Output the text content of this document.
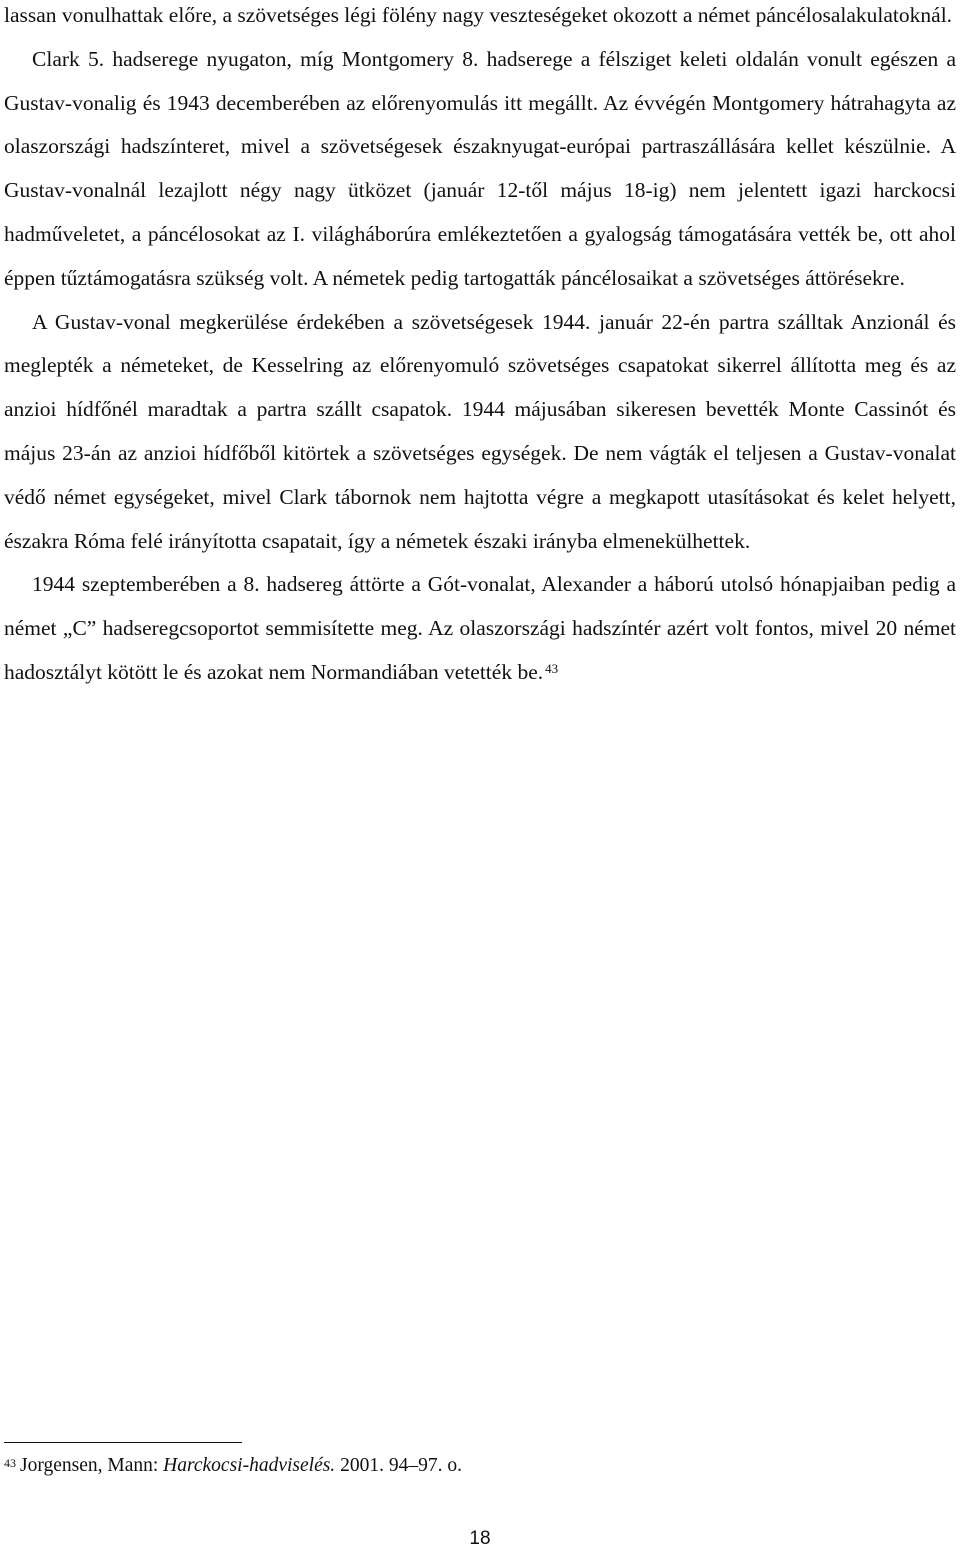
lassan vonulhattak előre, a szövetséges légi fölény nagy veszteségeket okozott a német páncélosalakulatoknál.

Clark 5. hadserege nyugaton, míg Montgomery 8. hadserege a félsziget keleti oldalán vonult egészen a Gustav-vonalig és 1943 decemberében az előrenyomulás itt megállt. Az évvégén Montgomery hátrahagyta az olaszországi hadszínteret, mivel a szövetségesek északnyugat-európai partraszállására kellet készülnie. A Gustav-vonalnál lezajlott négy nagy ütközet (január 12-től május 18-ig) nem jelentett igazi harckocsi hadműveletet, a páncélosokat az I. világháborúra emlékeztetően a gyalogság támogatására vették be, ott ahol éppen tűztámogatásra szükség volt. A németek pedig tartogatták páncélosaikat a szövetséges áttörésekre.

A Gustav-vonal megkerülése érdekében a szövetségesek 1944. január 22-én partra szálltak Anzionál és meglepték a németeket, de Kesselring az előrenyomuló szövetséges csapatokat sikerrel állította meg és az anzioi hídfőnél maradtak a partra szállt csapatok. 1944 májusában sikeresen bevették Monte Cassinót és május 23-án az anzioi hídfőből kitörtek a szövetséges egységek. De nem vágták el teljesen a Gustav-vonalat védő német egységeket, mivel Clark tábornok nem hajtotta végre a megkapott utasításokat és kelet helyett, északra Róma felé irányította csapatait, így a németek északi irányba elmenekülhettek.

1944 szeptemberében a 8. hadsereg áttörte a Gót-vonalat, Alexander a háború utolsó hónapjaiban pedig a német „C” hadseregcsoportot semmisítette meg. Az olaszországi hadszíntér azért volt fontos, mivel 20 német hadosztályt kötött le és azokat nem Normandiában vetették be. $^{43}$

$^{43}$ Jorgensen, Mann: Harckocsi-hadviselés. 2001. 94–97. o.
18
